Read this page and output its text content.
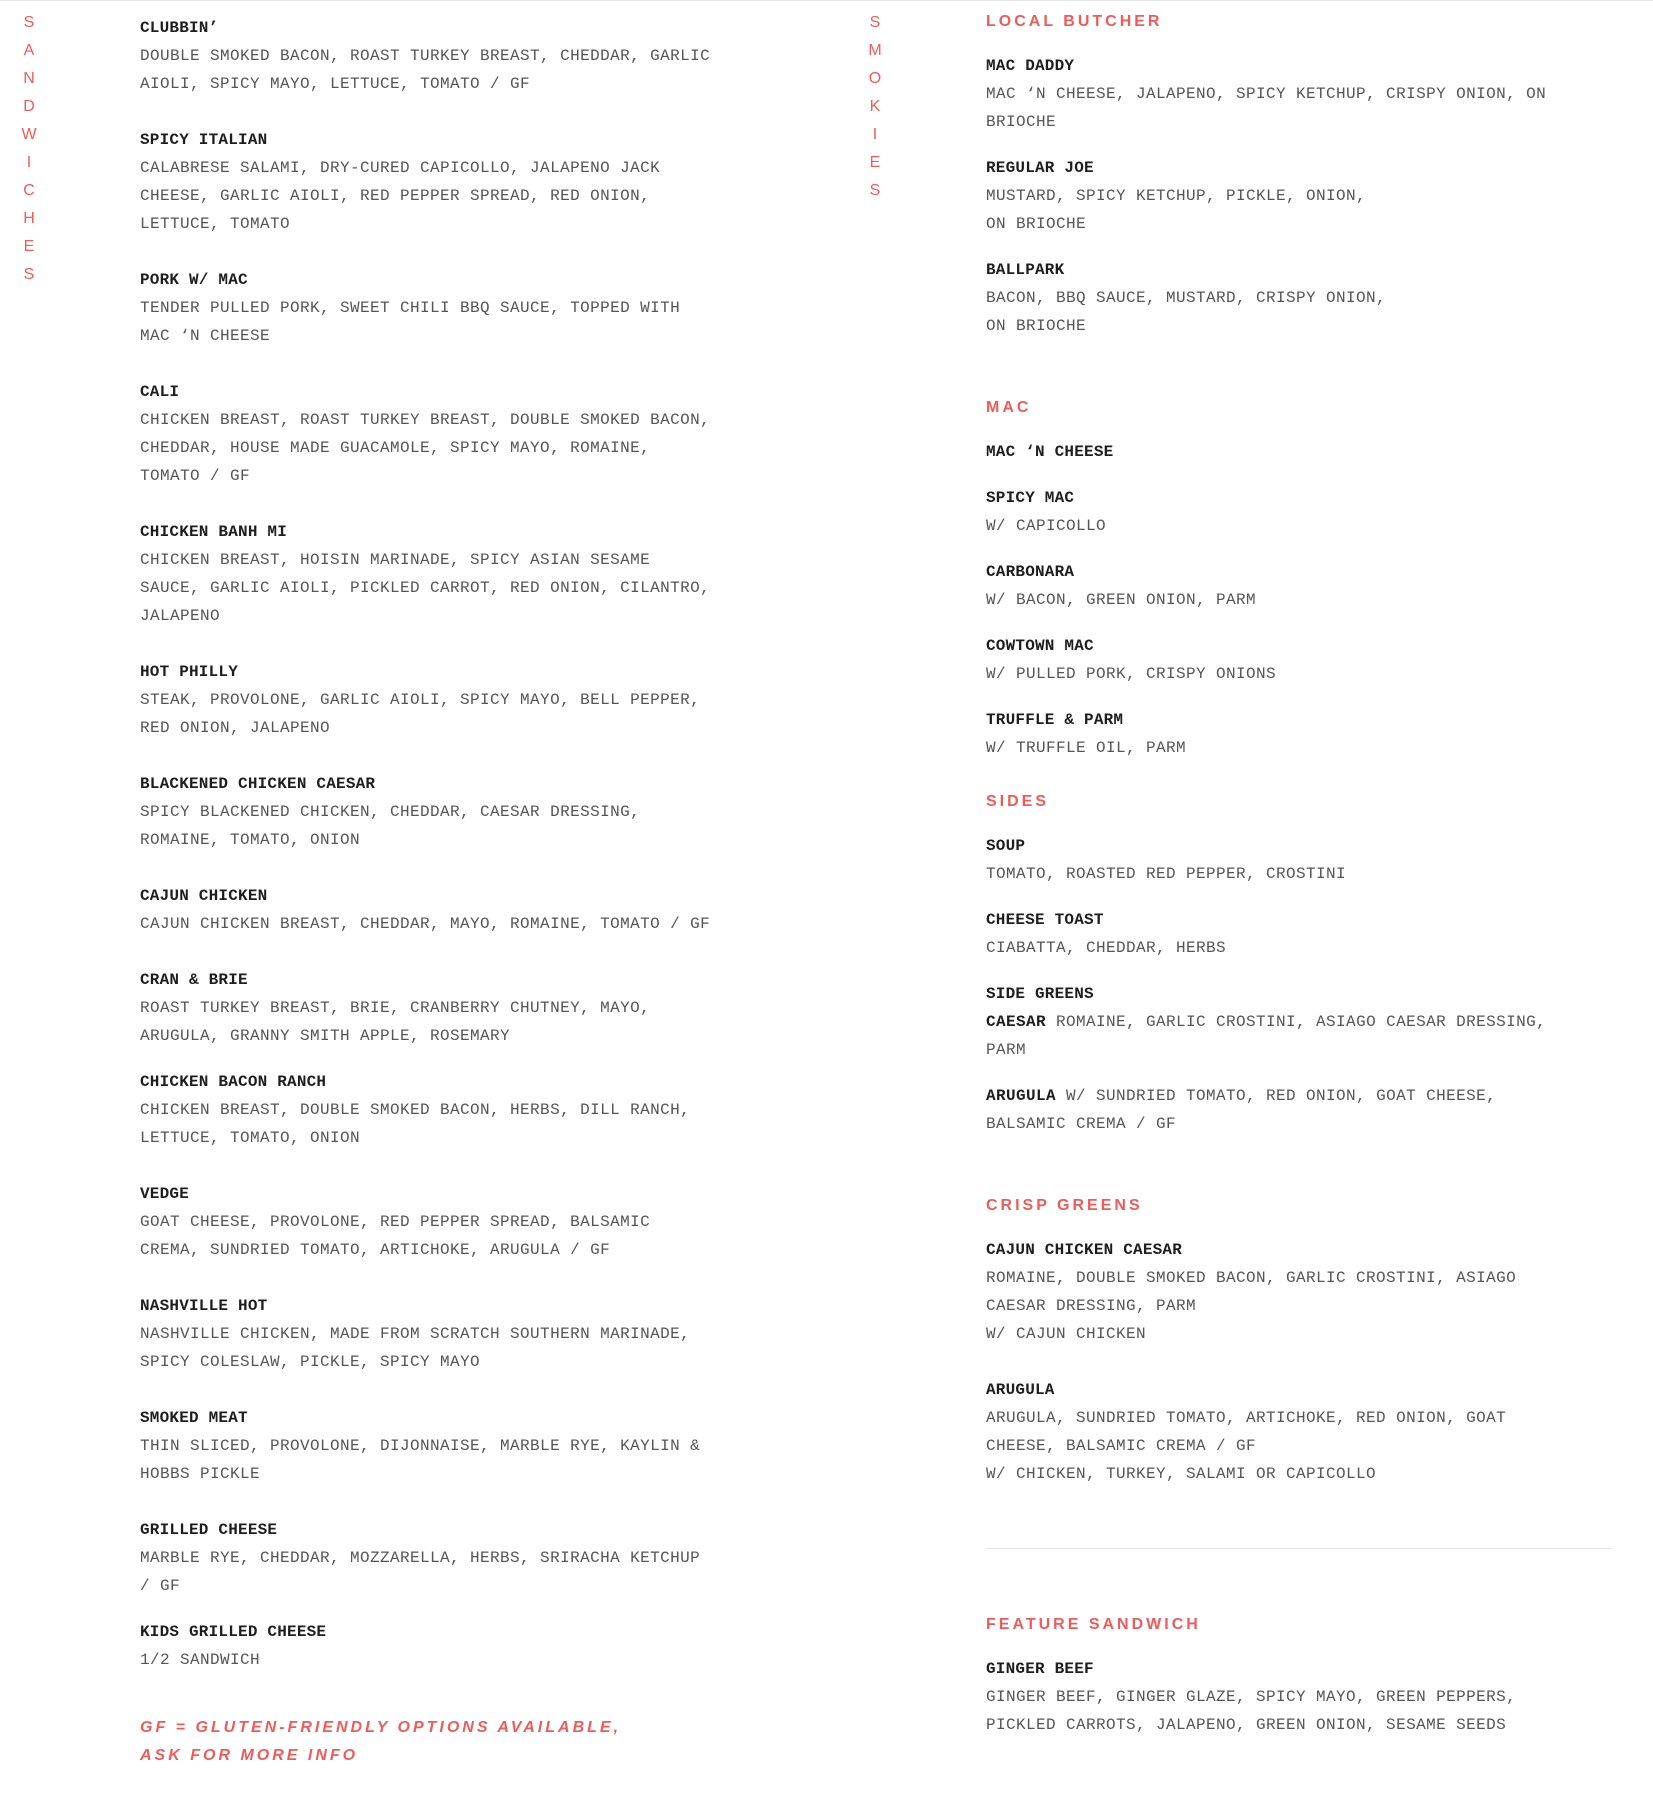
S
A
N
D
W
I
C
H
E
S
S
M
O
K
I
E
S
CLUBBIN’
DOUBLE SMOKED BACON, ROAST TURKEY BREAST, CHEDDAR, GARLIC
AIOLI, SPICY MAYO, LETTUCE, TOMATO / GF
SPICY ITALIAN
CALABRESE SALAMI, DRY-CURED CAPICOLLO, JALAPENO JACK
CHEESE, GARLIC AIOLI, RED PEPPER SPREAD, RED ONION,
LETTUCE, TOMATO
PORK W/ MAC
TENDER PULLED PORK, SWEET CHILI BBQ SAUCE, TOPPED WITH
MAC ‘N CHEESE
CALI
CHICKEN BREAST, ROAST TURKEY BREAST, DOUBLE SMOKED BACON,
CHEDDAR, HOUSE MADE GUACAMOLE, SPICY MAYO, ROMAINE,
TOMATO / GF
CHICKEN BANH MI
CHICKEN BREAST, HOISIN MARINADE, SPICY ASIAN SESAME
SAUCE, GARLIC AIOLI, PICKLED CARROT, RED ONION, CILANTRO,
JALAPENO
HOT PHILLY
STEAK, PROVOLONE, GARLIC AIOLI, SPICY MAYO, BELL PEPPER,
RED ONION, JALAPENO
BLACKENED CHICKEN CAESAR
SPICY BLACKENED CHICKEN, CHEDDAR, CAESAR DRESSING,
ROMAINE, TOMATO, ONION
CAJUN CHICKEN
CAJUN CHICKEN BREAST, CHEDDAR, MAYO, ROMAINE, TOMATO / GF
CRAN & BRIE
ROAST TURKEY BREAST, BRIE, CRANBERRY CHUTNEY, MAYO,
ARUGULA, GRANNY SMITH APPLE, ROSEMARY
CHICKEN BACON RANCH
CHICKEN BREAST, DOUBLE SMOKED BACON, HERBS, DILL RANCH,
LETTUCE, TOMATO, ONION
VEDGE
GOAT CHEESE, PROVOLONE, RED PEPPER SPREAD, BALSAMIC
CREMA, SUNDRIED TOMATO, ARTICHOKE, ARUGULA / GF
NASHVILLE HOT
NASHVILLE CHICKEN, MADE FROM SCRATCH SOUTHERN MARINADE,
SPICY COLESLAW, PICKLE, SPICY MAYO
SMOKED MEAT
THIN SLICED, PROVOLONE, DIJONNAISE, MARBLE RYE, KAYLIN &
HOBBS PICKLE
GRILLED CHEESE
MARBLE RYE, CHEDDAR, MOZZARELLA, HERBS, SRIRACHA KETCHUP
/ GF
KIDS GRILLED CHEESE
1/2 SANDWICH
GF = GLUTEN-FRIENDLY OPTIONS AVAILABLE,
ASK FOR MORE INFO
LOCAL BUTCHER
MAC DADDY
MAC ‘N CHEESE, JALAPENO, SPICY KETCHUP, CRISPY ONION, ON
BRIOCHE
REGULAR JOE
MUSTARD, SPICY KETCHUP, PICKLE, ONION,
ON BRIOCHE
BALLPARK
BACON, BBQ SAUCE, MUSTARD, CRISPY ONION,
ON BRIOCHE
MAC
MAC ‘N CHEESE
SPICY MAC
W/ CAPICOLLO
CARBONARA
W/ BACON, GREEN ONION, PARM
COWTOWN MAC
W/ PULLED PORK, CRISPY ONIONS
TRUFFLE & PARM
W/ TRUFFLE OIL, PARM
SIDES
SOUP
TOMATO, ROASTED RED PEPPER, CROSTINI
CHEESE TOAST
CIABATTA, CHEDDAR, HERBS
SIDE GREENS
CAESAR ROMAINE, GARLIC CROSTINI, ASIAGO CAESAR DRESSING,
PARM
ARUGULA W/ SUNDRIED TOMATO, RED ONION, GOAT CHEESE,
BALSAMIC CREMA / GF
CRISP GREENS
CAJUN CHICKEN CAESAR
ROMAINE, DOUBLE SMOKED BACON, GARLIC CROSTINI, ASIAGO
CAESAR DRESSING, PARM
W/ CAJUN CHICKEN
ARUGULA
ARUGULA, SUNDRIED TOMATO, ARTICHOKE, RED ONION, GOAT
CHEESE, BALSAMIC CREMA / GF
W/ CHICKEN, TURKEY, SALAMI OR CAPICOLLO
FEATURE SANDWICH
GINGER BEEF
GINGER BEEF, GINGER GLAZE, SPICY MAYO, GREEN PEPPERS,
PICKLED CARROTS, JALAPENO, GREEN ONION, SESAME SEEDS
